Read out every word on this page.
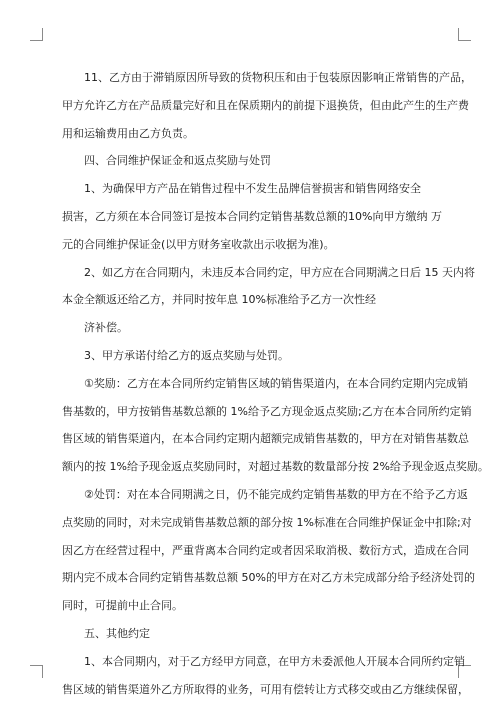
11、乙方由于滞销原因所导致的货物积压和由于包装原因影响正常销售的产品，
甲方允许乙方在产品质量完好和且在保质期内的前提下退换货，但由此产生的生产费
用和运输费用由乙方负责。

四、合同维护保证金和返点奖励与处罚

1、为确保甲方产品在销售过程中不发生品牌信誉损害和销售网络安全

损害，乙方须在本合同签订是按本合同约定销售基数总额的10%向甲方缴纳 万
元的合同维护保证金(以甲方财务室收款出示收据为准)。

2、如乙方在合同期内，未违反本合同约定，甲方应在合同期满之日后 15 天内将
本金全额返还给乙方，并同时按年息 10%标准给予乙方一次性经

济补偿。

3、甲方承诺付给乙方的返点奖励与处罚。

①奖励：乙方在本合同所约定销售区域的销售渠道内，在本合同约定期内完成销
售基数的，甲方按销售基数总额的 1%给予乙方现金返点奖励;乙方在本合同所约定销
售区域的销售渠道内，在本合同约定期内超额完成销售基数的，甲方在对销售基数总
额内的按 1%给予现金返点奖励同时，对超过基数的数量部分按 2%给予现金返点奖励。

②处罚：对在本合同期满之日，仍不能完成约定销售基数的甲方在不给予乙方返
点奖励的同时，对未完成销售基数总额的部分按 1%标准在合同维护保证金中扣除;对
因乙方在经营过程中，严重背离本合同约定或者因采取消极、数衍方式，造成在合同
期内完不成本合同约定销售基数总额 50%的甲方在对乙方未完成部分给予经济处罚的
同时，可提前中止合同。

五、其他约定

1、本合同期内，对于乙方经甲方同意，在甲方未委派他人开展本合同所约定销
售区域的销售渠道外乙方所取得的业务，可用有偿转让方式移交或由乙方继续保留，
